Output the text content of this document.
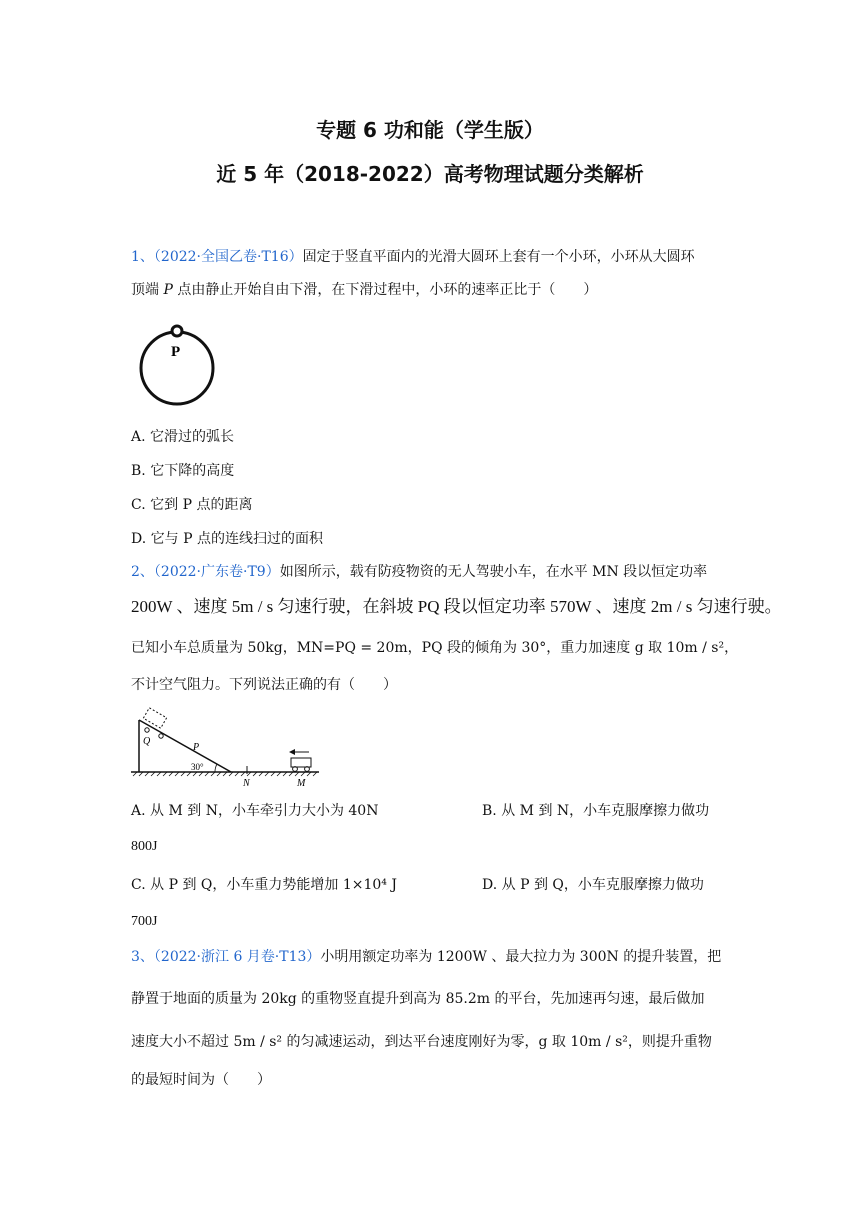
专题 6 功和能（学生版）
近 5 年（2018-2022）高考物理试题分类解析
1、（2022·全国乙卷·T16）固定于竖直平面内的光滑大圆环上套有一个小环，小环从大圆环
顶端 P 点由静止开始自由下滑，在下滑过程中，小环的速率正比于（　　）
P
A. 它滑过的弧长
B. 它下降的高度
C. 它到 P 点的距离
D. 它与 P 点的连线扫过的面积
2、（2022·广东卷·T9）如图所示，载有防疫物资的无人驾驶小车，在水平 MN 段以恒定功率
200W 、速度 5m / s 匀速行驶，在斜坡 PQ 段以恒定功率 570W 、速度 2m / s 匀速行驶。
已知小车总质量为 50kg，MN=PQ = 20m，PQ 段的倾角为 30°，重力加速度 g 取 10m / s²，
不计空气阻力。下列说法正确的有（　　）
Q
P
30°
N	M
A. 从 M 到 N，小车牵引力大小为 40N	B. 从 M 到 N，小车克服摩擦力做功
800J
C. 从 P 到 Q，小车重力势能增加 1×10⁴ J	D. 从 P 到 Q，小车克服摩擦力做功
700J
3、（2022·浙江 6 月卷·T13）小明用额定功率为 1200W 、最大拉力为 300N 的提升装置，把
静置于地面的质量为 20kg 的重物竖直提升到高为 85.2m 的平台，先加速再匀速，最后做加
速度大小不超过 5m / s² 的匀减速运动，到达平台速度刚好为零，g 取 10m / s²，则提升重物
的最短时间为（　　）
